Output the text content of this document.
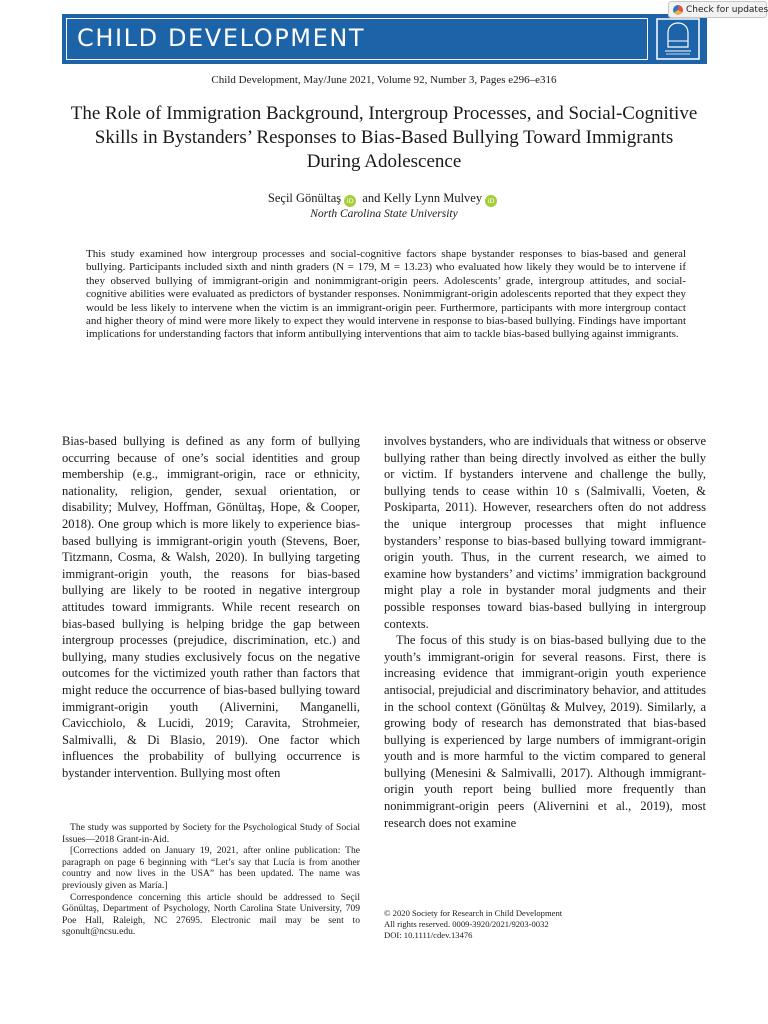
CHILD DEVELOPMENT
Check for updates
Child Development, May/June 2021, Volume 92, Number 3, Pages e296–e316
The Role of Immigration Background, Intergroup Processes, and Social-Cognitive Skills in Bystanders’ Responses to Bias-Based Bullying Toward Immigrants During Adolescence
Seçil Gönültaş iD and Kelly Lynn Mulvey iD
North Carolina State University

This study examined how intergroup processes and social-cognitive factors shape bystander responses to bias-based and general bullying. Participants included sixth and ninth graders (N = 179, M = 13.23) who evaluated how likely they would be to intervene if they observed bullying of immigrant-origin and nonimmigrant-origin peers. Adolescents’ grade, intergroup attitudes, and social-cognitive abilities were evaluated as predictors of bystander responses. Nonimmigrant-origin adolescents reported that they expect they would be less likely to intervene when the victim is an immigrant-origin peer. Furthermore, participants with more intergroup contact and higher theory of mind were more likely to expect they would intervene in response to bias-based bullying. Findings have important implications for understanding factors that inform antibullying interventions that aim to tackle bias-based bullying against immigrants.

Bias-based bullying is defined as any form of bullying occurring because of one’s social identities and group membership (e.g., immigrant-origin, race or ethnicity, nationality, religion, gender, sexual orientation, or disability; Mulvey, Hoffman, Gönültaş, Hope, & Cooper, 2018). One group which is more likely to experience bias-based bullying is immigrant-origin youth (Stevens, Boer, Titzmann, Cosma, & Walsh, 2020). In bullying targeting immigrant-origin youth, the reasons for bias-based bullying are likely to be rooted in negative intergroup attitudes toward immigrants. While recent research on bias-based bullying is helping bridge the gap between intergroup processes (prejudice, discrimination, etc.) and bullying, many studies exclusively focus on the negative outcomes for the victimized youth rather than factors that might reduce the occurrence of bias-based bullying toward immigrant-origin youth (Alivernini, Manganelli, Cavicchiolo, & Lucidi, 2019; Caravita, Strohmeier, Salmivalli, & Di Blasio, 2019). One factor which influences the probability of bullying occurrence is bystander intervention. Bullying most often

involves bystanders, who are individuals that witness or observe bullying rather than being directly involved as either the bully or victim. If bystanders intervene and challenge the bully, bullying tends to cease within 10 s (Salmivalli, Voeten, & Poskiparta, 2011). However, researchers often do not address the unique intergroup processes that might influence bystanders’ response to bias-based bullying toward immigrant-origin youth. Thus, in the current research, we aimed to examine how bystanders’ and victims’ immigration background might play a role in bystander moral judgments and their possible responses toward bias-based bullying in intergroup contexts.

The focus of this study is on bias-based bullying due to the youth’s immigrant-origin for several reasons. First, there is increasing evidence that immigrant-origin youth experience antisocial, prejudicial and discriminatory behavior, and attitudes in the school context (Gönültaş & Mulvey, 2019). Similarly, a growing body of research has demonstrated that bias-based bullying is experienced by large numbers of immigrant-origin youth and is more harmful to the victim compared to general bullying (Menesini & Salmivalli, 2017). Although immigrant-origin youth report being bullied more frequently than nonimmigrant-origin peers (Alivernini et al., 2019), most research does not examine

The study was supported by Society for the Psychological Study of Social Issues—2018 Grant-in-Aid.

[Corrections added on January 19, 2021, after online publication: The paragraph on page 6 beginning with “Let’s say that Lucía is from another country and now lives in the USA” has been updated. The name was previously given as María.]

Correspondence concerning this article should be addressed to Seçil Gönültaş, Department of Psychology, North Carolina State University, 709 Poe Hall, Raleigh, NC 27695. Electronic mail may be sent to sgonult@ncsu.edu.

© 2020 Society for Research in Child Development
All rights reserved. 0009-3920/2021/9203-0032
DOI: 10.1111/cdev.13476
